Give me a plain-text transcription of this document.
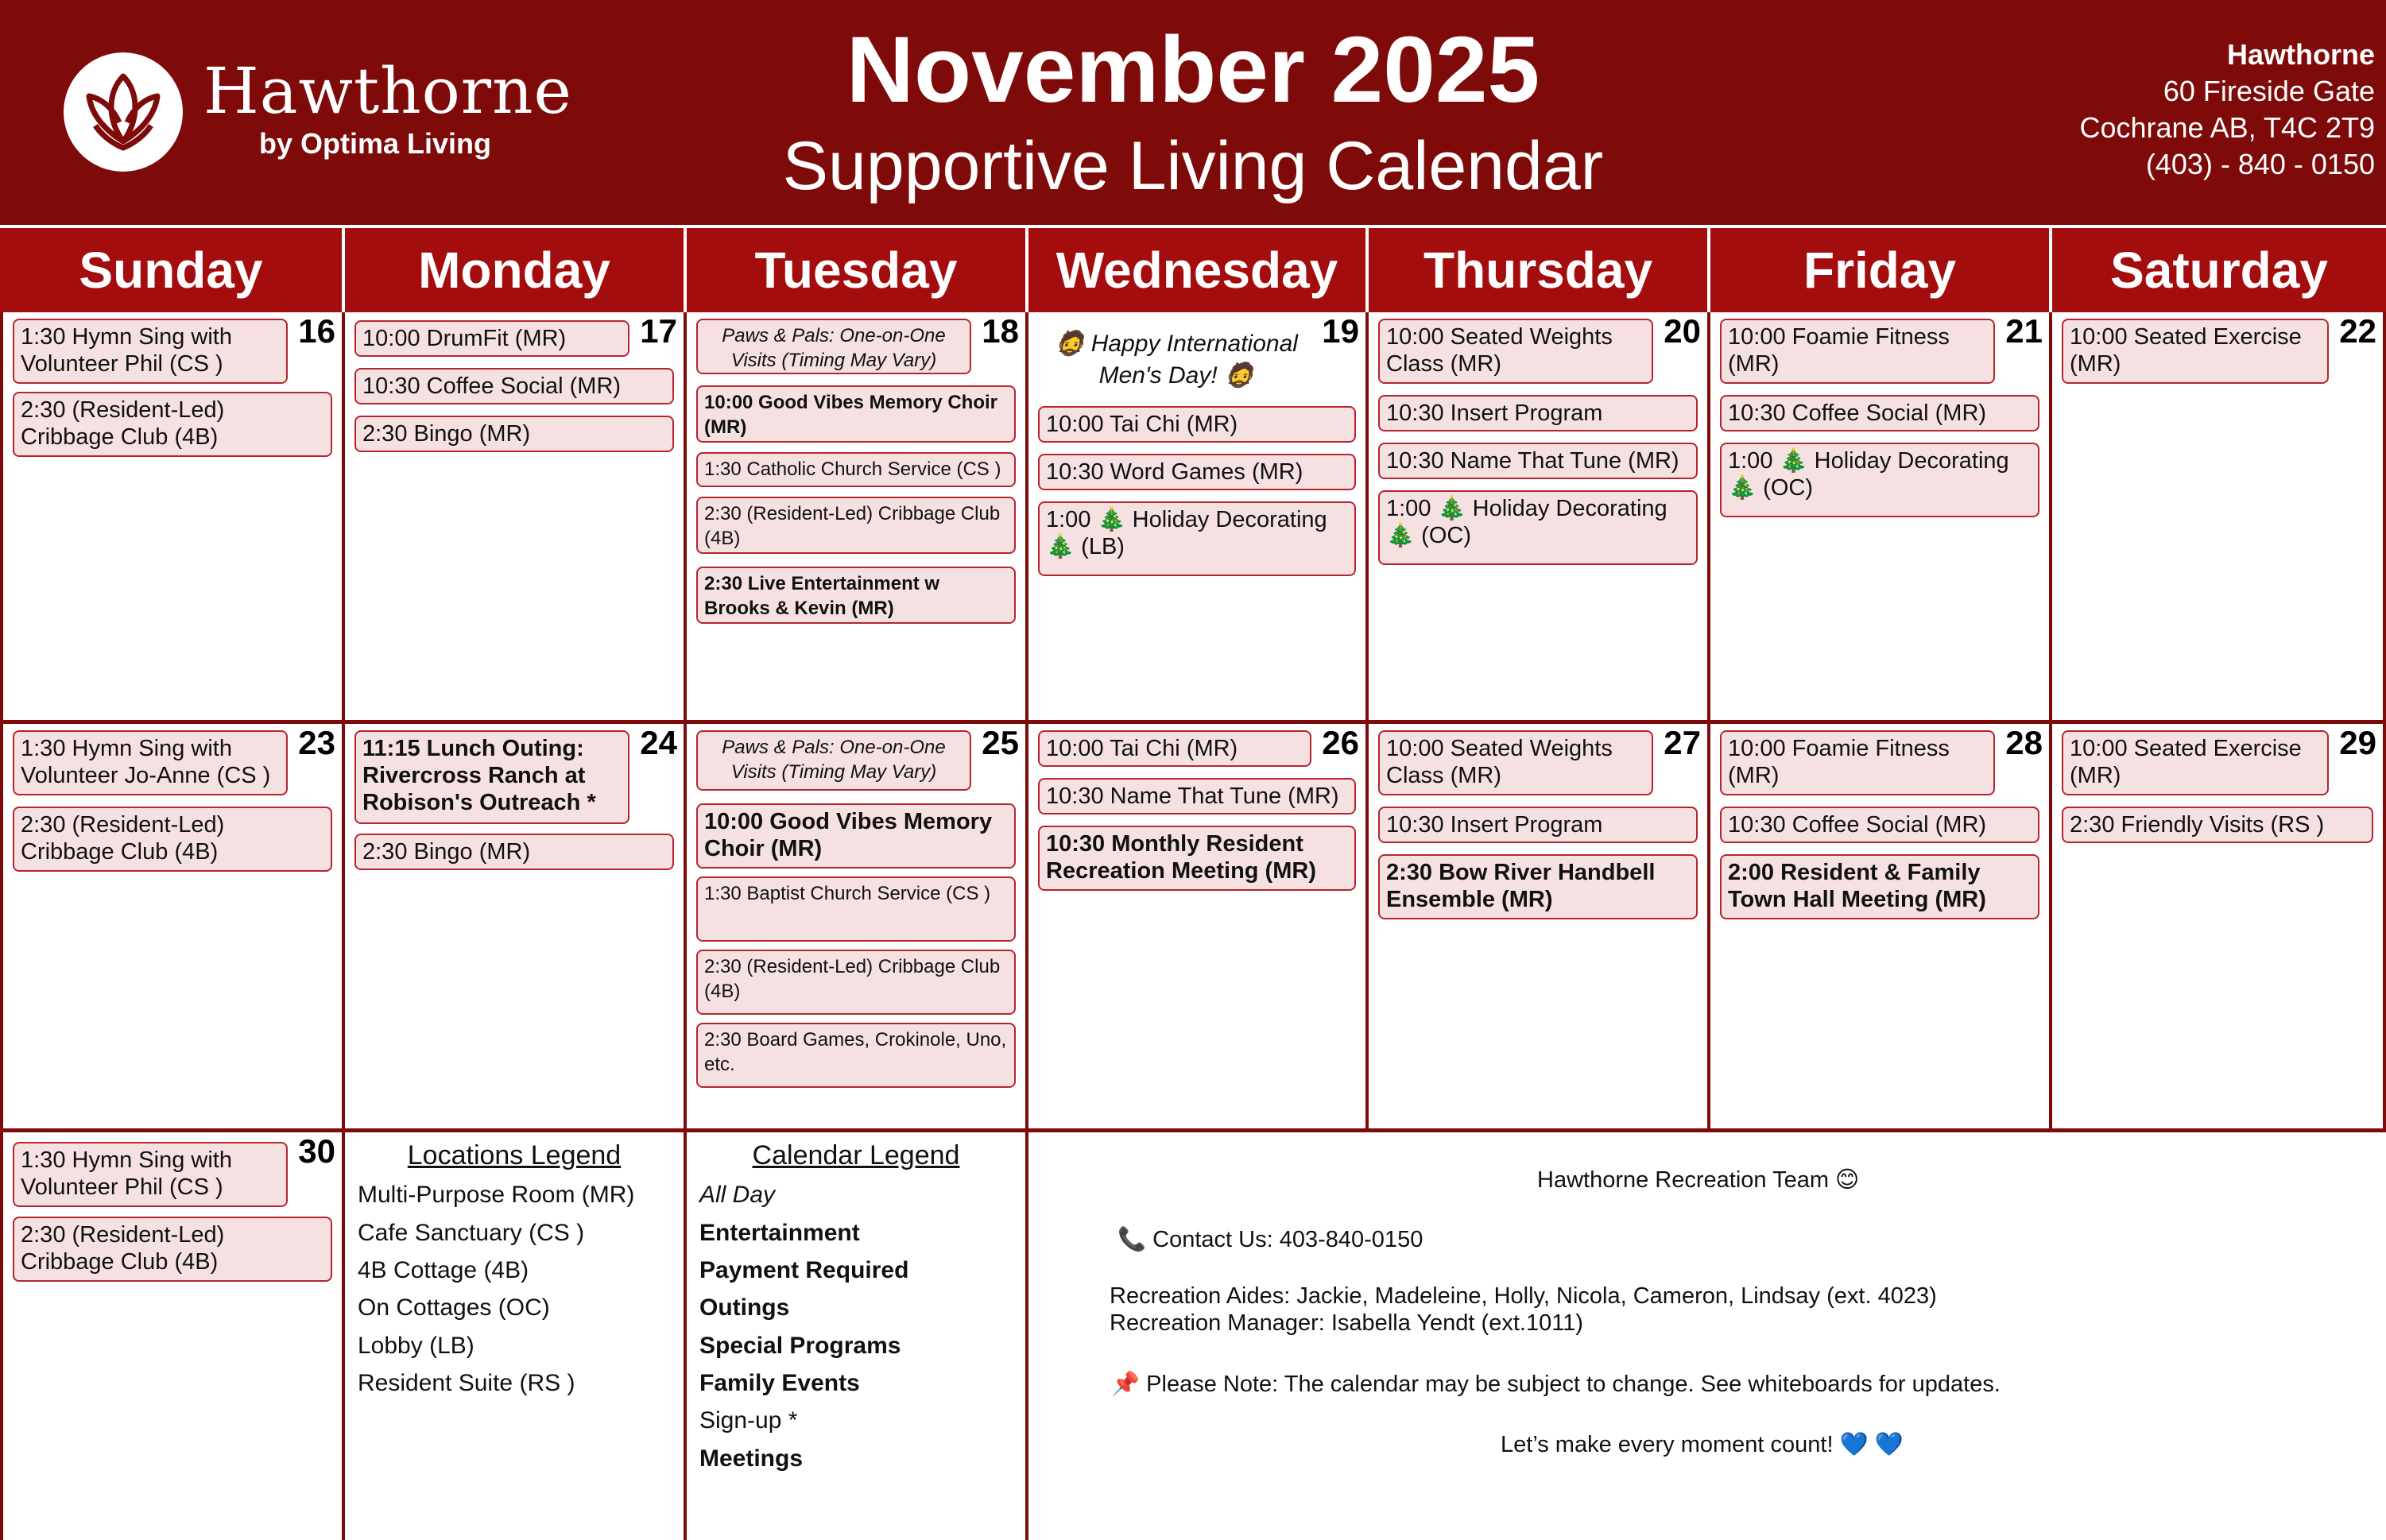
Hawthorne
by Optima Living
November 2025
Supportive Living Calendar
Hawthorne
60 Fireside Gate
Cochrane AB, T4C 2T9
(403) - 840 - 0150
Sunday	Monday	Tuesday	Wednesday	Thursday	Friday	Saturday
16
1:30 Hymn Sing with Volunteer Phil (CS )
2:30 (Resident-Led) Cribbage Club (4B)
17
10:00 DrumFit (MR)
10:30 Coffee Social (MR)
2:30 Bingo (MR)
18
Paws & Pals: One-on-One Visits (Timing May Vary)
10:00 Good Vibes Memory Choir (MR)
1:30 Catholic Church Service (CS )
2:30 (Resident-Led) Cribbage Club (4B)
2:30 Live Entertainment w Brooks & Kevin (MR)
19
🧔 Happy International Men's Day! 🧔
10:00 Tai Chi (MR)
10:30 Word Games (MR)
1:00 🎄 Holiday Decorating 🎄 (LB)
20
10:00 Seated Weights Class (MR)
10:30 Insert Program
10:30 Name That Tune (MR)
1:00 🎄 Holiday Decorating 🎄 (OC)
21
10:00 Foamie Fitness (MR)
10:30 Coffee Social (MR)
1:00 🎄 Holiday Decorating 🎄 (OC)
22
10:00 Seated Exercise (MR)
23
1:30 Hymn Sing with Volunteer Jo-Anne (CS )
2:30 (Resident-Led) Cribbage Club (4B)
24
11:15 Lunch Outing: Rivercross Ranch at Robison's Outreach *
2:30 Bingo (MR)
25
Paws & Pals: One-on-One Visits (Timing May Vary)
10:00 Good Vibes Memory Choir (MR)
1:30 Baptist Church Service (CS )
2:30 (Resident-Led) Cribbage Club (4B)
2:30 Board Games, Crokinole, Uno, etc.
26
10:00 Tai Chi (MR)
10:30 Name That Tune (MR)
10:30 Monthly Resident Recreation Meeting (MR)
27
10:00 Seated Weights Class (MR)
10:30 Insert Program
2:30 Bow River Handbell Ensemble (MR)
28
10:00 Foamie Fitness (MR)
10:30 Coffee Social (MR)
2:00 Resident & Family Town Hall Meeting (MR)
29
10:00 Seated Exercise (MR)
2:30 Friendly Visits (RS )
30
1:30 Hymn Sing with Volunteer Phil (CS )
2:30 (Resident-Led) Cribbage Club (4B)
Locations Legend
Multi-Purpose Room (MR)
Cafe Sanctuary (CS )
4B Cottage (4B)
On Cottages (OC)
Lobby (LB)
Resident Suite (RS )
Calendar Legend
All Day
Entertainment
Payment Required
Outings
Special Programs
Family Events
Sign-up *
Meetings
Hawthorne Recreation Team 😊
📞 Contact Us: 403-840-0150
Recreation Aides: Jackie, Madeleine, Holly, Nicola, Cameron, Lindsay (ext. 4023)
Recreation Manager: Isabella Yendt (ext.1011)
📌 Please Note: The calendar may be subject to change. See whiteboards for updates.
Let’s make every moment count! 💙 💙
